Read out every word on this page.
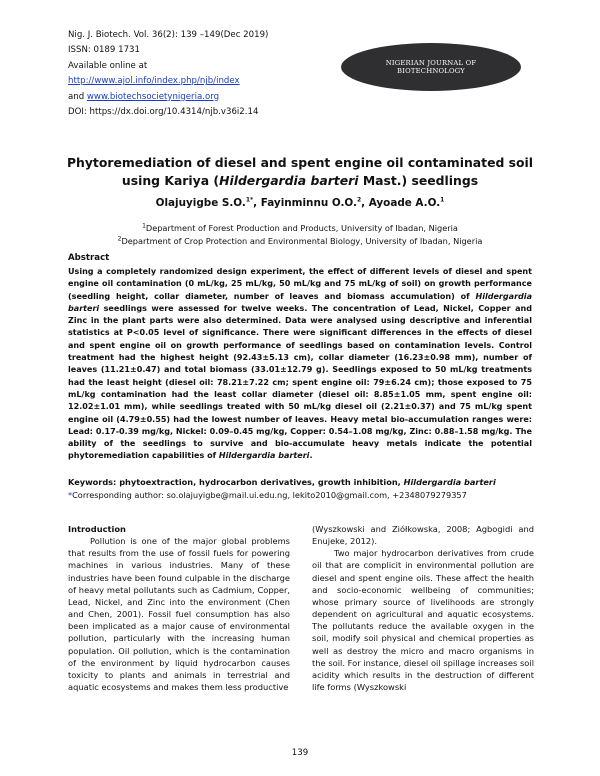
Nig. J. Biotech. Vol. 36(2): 139 –149(Dec 2019)
ISSN: 0189 1731
Available online at
http://www.ajol.info/index.php/njb/index
and www.biotechsocietynigeria.org
DOI: https://dx.doi.org/10.4314/njb.v36i2.14
NIGERIAN JOURNAL OF
BIOTECHNOLOGY
Phytoremediation of diesel and spent engine oil contaminated soil
using Kariya (Hildergardia barteri Mast.) seedlings
Olajuyigbe S.O.$^{1*}$, Fayinminnu O.O.$^2$, Ayoade A.O.$^1$
$^1$Department of Forest Production and Products, University of Ibadan, Nigeria
$^2$Department of Crop Protection and Environmental Biology, University of Ibadan, Nigeria
Abstract

Using a completely randomized design experiment, the effect of different levels of diesel and spent engine oil contamination (0 mL/kg, 25 mL/kg, 50 mL/kg and 75 mL/kg of soil) on growth performance (seedling height, collar diameter, number of leaves and biomass accumulation) of Hildergardia barteri seedlings were assessed for twelve weeks. The concentration of Lead, Nickel, Copper and Zinc in the plant parts were also determined. Data were analysed using descriptive and inferential statistics at P<0.05 level of significance. There were significant differences in the effects of diesel and spent engine oil on growth performance of seedlings based on contamination levels. Control treatment had the highest height (92.43±5.13 cm), collar diameter (16.23±0.98 mm), number of leaves (11.21±0.47) and total biomass (33.01±12.79 g). Seedlings exposed to 50 mL/kg treatments had the least height (diesel oil: 78.21±7.22 cm; spent engine oil: 79±6.24 cm); those exposed to 75 mL/kg contamination had the least collar diameter (diesel oil: 8.85±1.05 mm, spent engine oil: 12.02±1.01 mm), while seedlings treated with 50 mL/kg diesel oil (2.21±0.37) and 75 mL/kg spent engine oil (4.79±0.55) had the lowest number of leaves. Heavy metal bio-accumulation ranges were: Lead: 0.17-0.39 mg/kg, Nickel: 0.09–0.45 mg/kg, Copper: 0.54–1.08 mg/kg, Zinc: 0.88–1.58 mg/kg. The ability of the seedlings to survive and bio-accumulate heavy metals indicate the potential phytoremediation capabilities of Hildergardia barteri.

Keywords: phytoextraction, hydrocarbon derivatives, growth inhibition, Hildergardia barteri
*Corresponding author: so.olajuyigbe@mail.ui.edu.ng, lekito2010@gmail.com, +2348079279357

Introduction

Pollution is one of the major global problems that results from the use of fossil fuels for powering machines in various industries. Many of these industries have been found culpable in the discharge of heavy metal pollutants such as Cadmium, Copper, Lead, Nickel, and Zinc into the environment (Chen and Chen, 2001). Fossil fuel consumption has also been implicated as a major cause of environmental pollution, particularly with the increasing human population. Oil pollution, which is the contamination of the environment by liquid hydrocarbon causes toxicity to plants and animals in terrestrial and aquatic ecosystems and makes them less productive

(Wyszkowski and Ziółkowska, 2008; Agbogidi and Enujeke, 2012).

Two major hydrocarbon derivatives from crude oil that are complicit in environmental pollution are diesel and spent engine oils. These affect the health and socio-economic wellbeing of communities; whose primary source of livelihoods are strongly dependent on agricultural and aquatic ecosystems. The pollutants reduce the available oxygen in the soil, modify soil physical and chemical properties as well as destroy the micro and macro organisms in the soil. For instance, diesel oil spillage increases soil acidity which results in the destruction of different life forms (Wyszkowski

139
